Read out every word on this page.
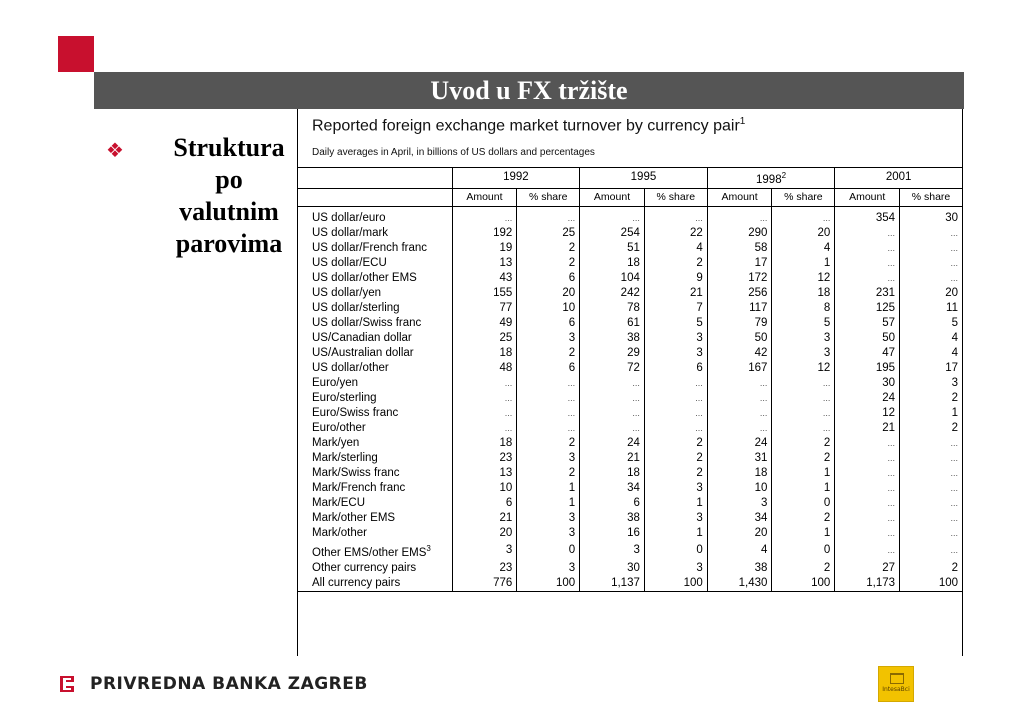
Uvod u FX tržište
❖	Struktura po valutnim parovima
Reported foreign exchange market turnover by currency pair$^1$
Daily averages in April, in billions of US dollars and percentages
	1992		1995		1998$^2$		2001	
	Amount	% share	Amount	% share	Amount	% share	Amount	% share
US dollar/euro	...	...	...	...	...	...	354	30
US dollar/mark	192	25	254	22	290	20	...	...
US dollar/French franc	19	2	51	4	58	4	...	...
US dollar/ECU	13	2	18	2	17	1	...	...
US dollar/other EMS	43	6	104	9	172	12	...	...
US dollar/yen	155	20	242	21	256	18	231	20
US dollar/sterling	77	10	78	7	117	8	125	11
US dollar/Swiss franc	49	6	61	5	79	5	57	5
US/Canadian dollar	25	3	38	3	50	3	50	4
US/Australian dollar	18	2	29	3	42	3	47	4
US dollar/other	48	6	72	6	167	12	195	17
Euro/yen	...	...	...	...	...	...	30	3
Euro/sterling	...	...	...	...	...	...	24	2
Euro/Swiss franc	...	...	...	...	...	...	12	1
Euro/other	...	...	...	...	...	...	21	2
Mark/yen	18	2	24	2	24	2	...	...
Mark/sterling	23	3	21	2	31	2	...	...
Mark/Swiss franc	13	2	18	2	18	1	...	...
Mark/French franc	10	1	34	3	10	1	...	...
Mark/ECU	6	1	6	1	3	0	...	...
Mark/other EMS	21	3	38	3	34	2	...	...
Mark/other	20	3	16	1	20	1	...	...
Other EMS/other EMS$^3$	3	0	3	0	4	0	...	...
Other currency pairs	23	3	30	3	38	2	27	2
All currency pairs	776	100	1,137	100	1,430	100	1,173	100
PRIVREDNA BANKA ZAGREB	IntesaBci
